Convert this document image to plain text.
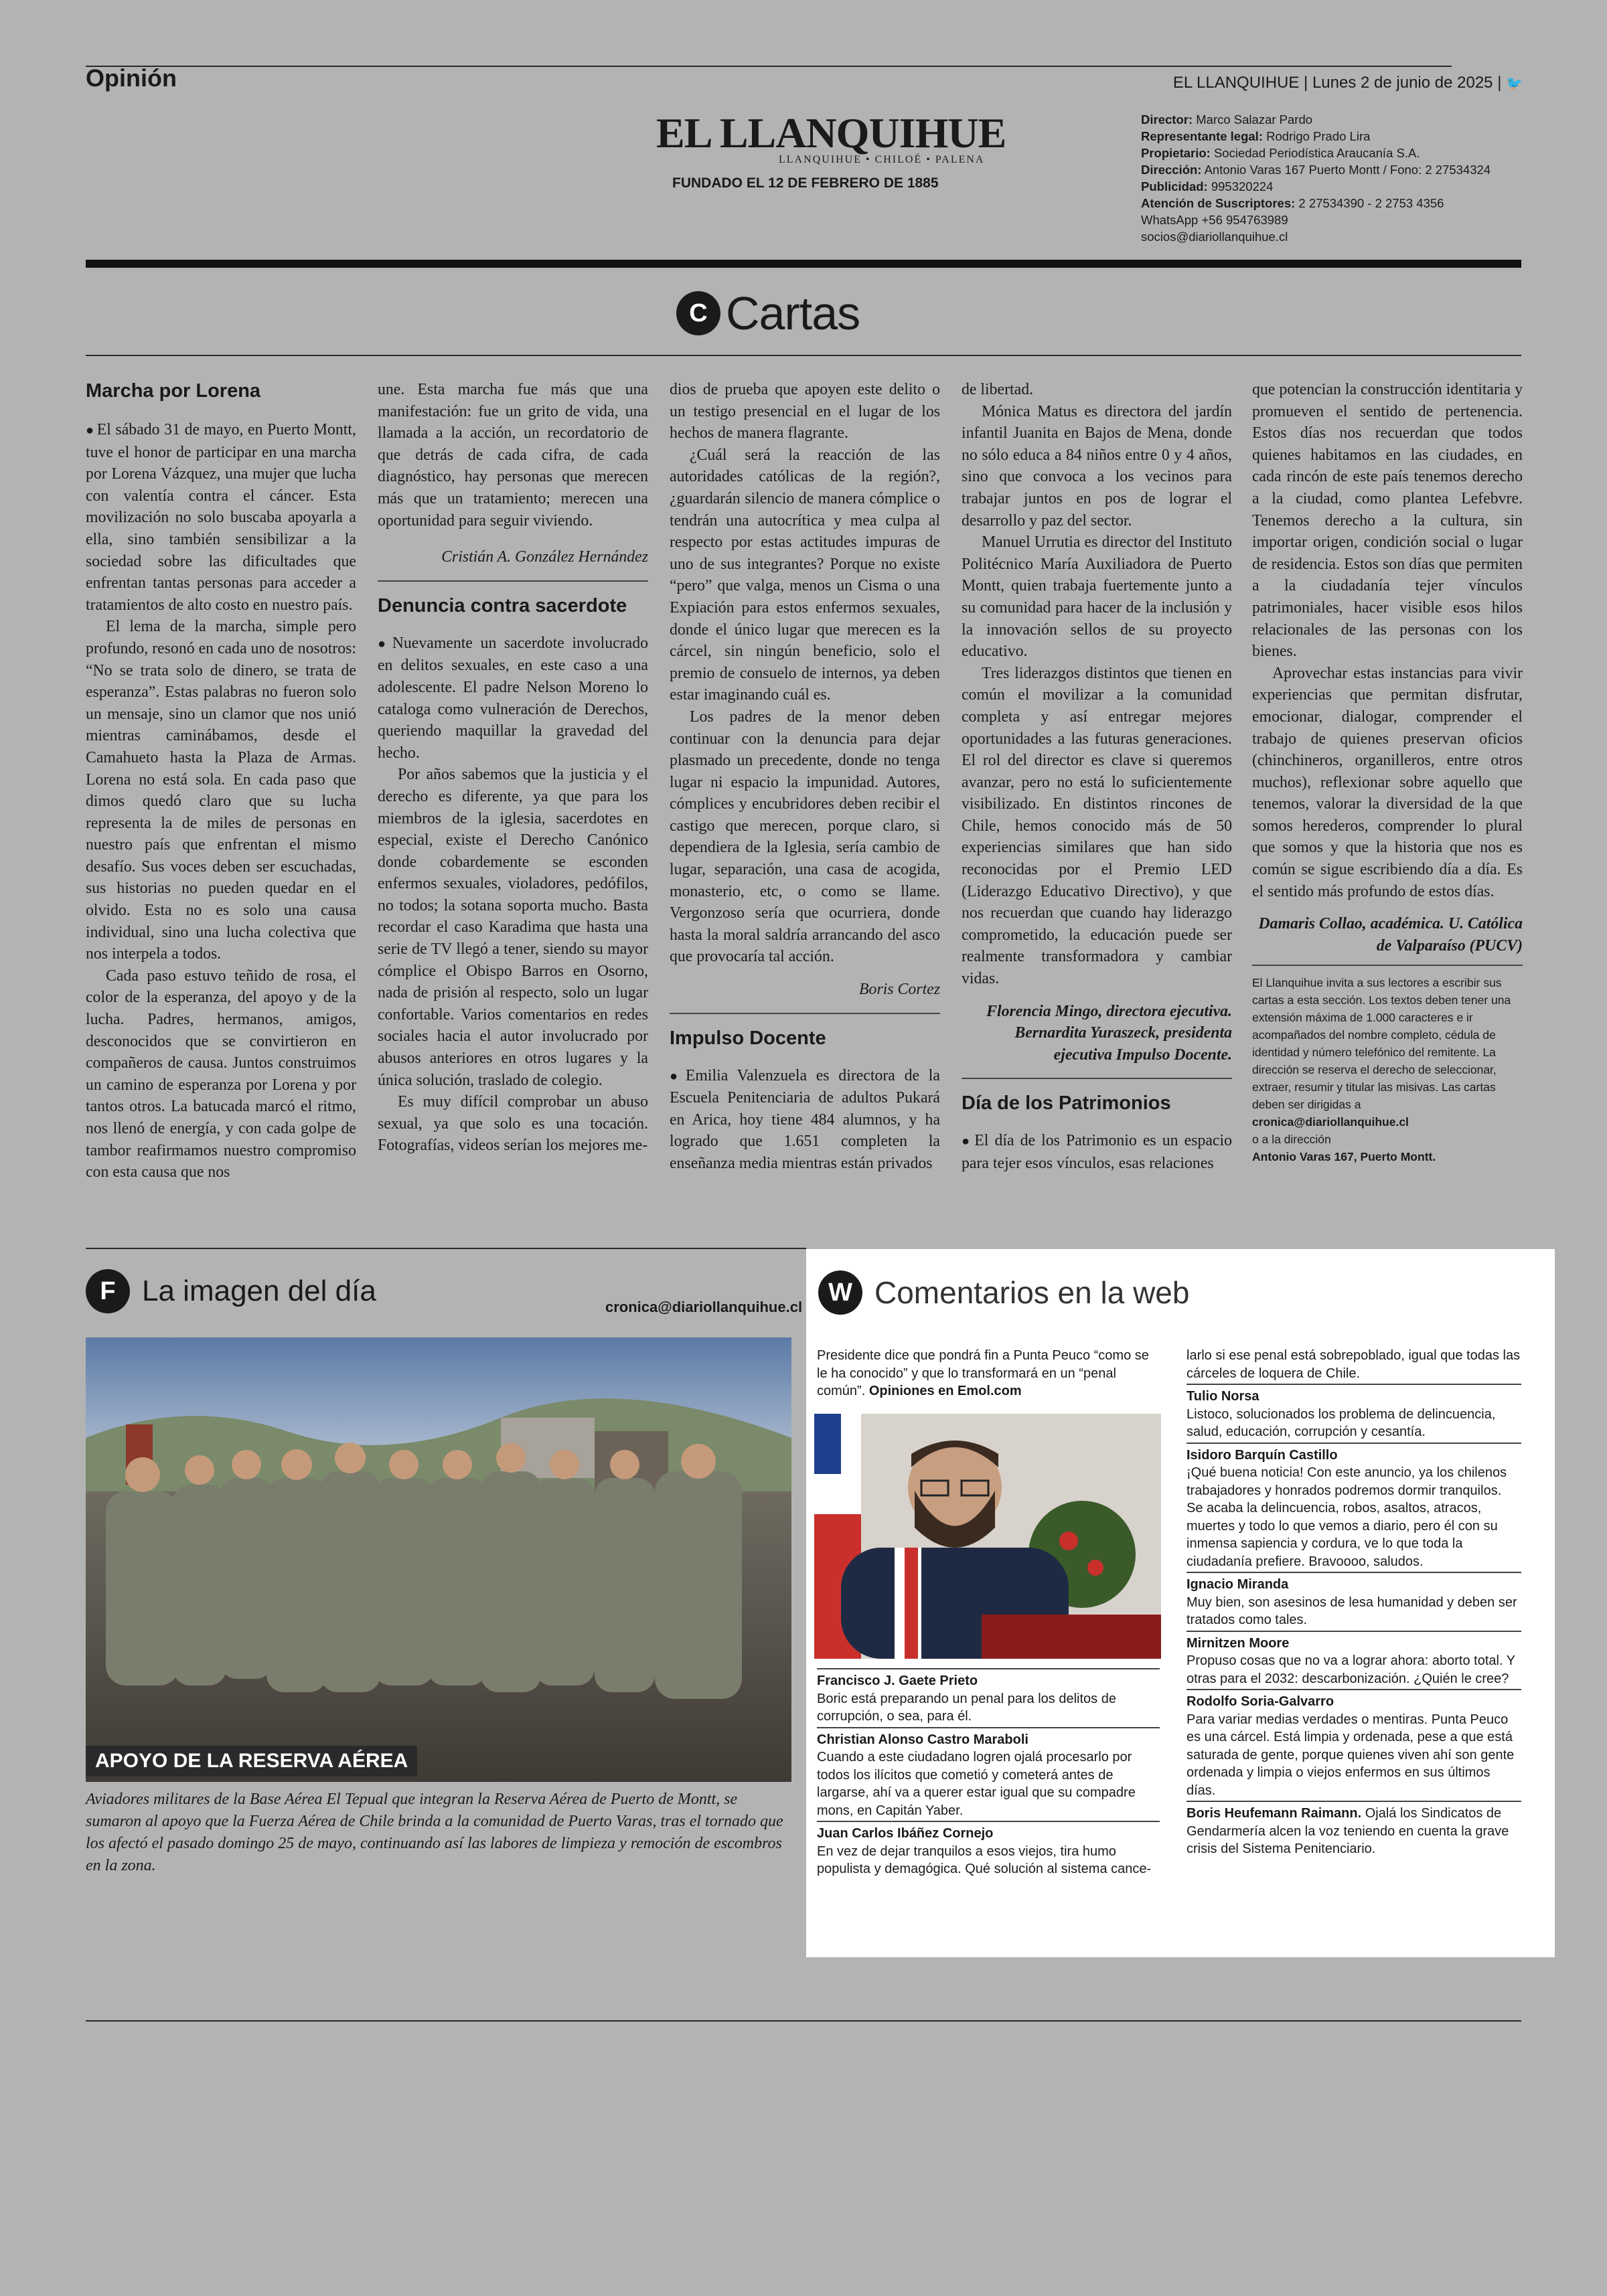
Opinión	EL LLANQUIHUE | Lunes 2 de junio de 2025 | 🐦
EL LLANQUIHUE
LLANQUIHUE • CHILOÉ • PALENA
FUNDADO EL 12 DE FEBRERO DE 1885
Director: Marco Salazar Pardo
Representante legal: Rodrigo Prado Lira
Propietario: Sociedad Periodística Araucanía S.A.
Dirección: Antonio Varas 167 Puerto Montt / Fono: 2 27534324
Publicidad: 995320224
Atención de Suscriptores: 2 27534390 - 2 2753 4356
WhatsApp +56 954763989
socios@diariollanquihue.cl
C Cartas
Marcha por Lorena

● El sábado 31 de mayo, en Puerto Montt, tuve el honor de participar en una marcha por Lorena Vázquez, una mujer que lucha con valentía contra el cáncer. Esta movilización no solo buscaba apoyarla a ella, sino también sensibilizar a la sociedad sobre las dificultades que enfrentan tantas personas para acceder a tratamientos de alto costo en nuestro país.

El lema de la marcha, simple pero profundo, resonó en cada uno de nosotros: “No se trata solo de dinero, se trata de esperanza”. Estas palabras no fueron solo un mensaje, sino un clamor que nos unió mientras caminábamos, desde el Camahueto hasta la Plaza de Armas. Lorena no está sola. En cada paso que dimos quedó claro que su lucha representa la de miles de personas en nuestro país que enfrentan el mismo desafío. Sus voces deben ser escuchadas, sus historias no pueden quedar en el olvido. Esta no es solo una causa individual, sino una lucha colectiva que nos interpela a todos.

Cada paso estuvo teñido de rosa, el color de la esperanza, del apoyo y de la lucha. Padres, hermanos, amigos, desconocidos que se convirtieron en compañeros de causa. Juntos construimos un camino de esperanza por Lorena y por tantos otros. La batucada marcó el ritmo, nos llenó de energía, y con cada golpe de tambor reafirmamos nuestro compromiso con esta causa que nos

une. Esta marcha fue más que una manifestación: fue un grito de vida, una llamada a la acción, un recordatorio de que detrás de cada cifra, de cada diagnóstico, hay personas que merecen más que un tratamiento; merecen una oportunidad para seguir viviendo.

Cristián A. González Hernández

Denuncia contra sacerdote

● Nuevamente un sacerdote involucrado en delitos sexuales, en este caso a una adolescente. El padre Nelson Moreno lo cataloga como vulneración de Derechos, queriendo maquillar la gravedad del hecho.

Por años sabemos que la justicia y el derecho es diferente, ya que para los miembros de la iglesia, sacerdotes en especial, existe el Derecho Canónico donde cobardemente se esconden enfermos sexuales, violadores, pedófilos, no todos; la sotana soporta mucho. Basta recordar el caso Karadima que hasta una serie de TV llegó a tener, siendo su mayor cómplice el Obispo Barros en Osorno, nada de prisión al respecto, solo un lugar confortable. Varios comentarios en redes sociales hacia el autor involucrado por abusos anteriores en otros lugares y la única solución, traslado de colegio.

Es muy difícil comprobar un abuso sexual, ya que solo es una tocación. Fotografías, videos serían los mejores me-

dios de prueba que apoyen este delito o un testigo presencial en el lugar de los hechos de manera flagrante.

¿Cuál será la reacción de las autoridades católicas de la región?, ¿guardarán silencio de manera cómplice o tendrán una autocrítica y mea culpa al respecto por estas actitudes impuras de uno de sus integrantes? Porque no existe “pero” que valga, menos un Cisma o una Expiación para estos enfermos sexuales, donde el único lugar que merecen es la cárcel, sin ningún beneficio, solo el premio de consuelo de internos, ya deben estar imaginando cuál es.

Los padres de la menor deben continuar con la denuncia para dejar plasmado un precedente, donde no tenga lugar ni espacio la impunidad. Autores, cómplices y encubridores deben recibir el castigo que merecen, porque claro, si dependiera de la Iglesia, sería cambio de lugar, separación, una casa de acogida, monasterio, etc, o como se llame. Vergonzoso sería que ocurriera, donde hasta la moral saldría arrancando del asco que provocaría tal acción.

Boris Cortez

Impulso Docente

● Emilia Valenzuela es directora de la Escuela Penitenciaria de adultos Pukará en Arica, hoy tiene 484 alumnos, y ha logrado que 1.651 completen la enseñanza media mientras están privados

de libertad.

Mónica Matus es directora del jardín infantil Juanita en Bajos de Mena, donde no sólo educa a 84 niños entre 0 y 4 años, sino que convoca a los vecinos para trabajar juntos en pos de lograr el desarrollo y paz del sector.

Manuel Urrutia es director del Instituto Politécnico María Auxiliadora de Puerto Montt, quien trabaja fuertemente junto a su comunidad para hacer de la inclusión y la innovación sellos de su proyecto educativo.

Tres liderazgos distintos que tienen en común el movilizar a la comunidad completa y así entregar mejores oportunidades a las futuras generaciones. El rol del director es clave si queremos avanzar, pero no está lo suficientemente visibilizado. En distintos rincones de Chile, hemos conocido más de 50 experiencias similares que han sido reconocidas por el Premio LED (Liderazgo Educativo Directivo), y que nos recuerdan que cuando hay liderazgo comprometido, la educación puede ser realmente transformadora y cambiar vidas.

Florencia Mingo, directora ejecutiva. Bernardita Yuraszeck, presidenta ejecutiva Impulso Docente.

Día de los Patrimonios

● El día de los Patrimonio es un espacio para tejer esos vínculos, esas relaciones

que potencian la construcción identitaria y promueven el sentido de pertenencia. Estos días nos recuerdan que todos quienes habitamos en las ciudades, en cada rincón de este país tenemos derecho a la ciudad, como plantea Lefebvre. Tenemos derecho a la cultura, sin importar origen, condición social o lugar de residencia. Estos son días que permiten a la ciudadanía tejer vínculos patrimoniales, hacer visible esos hilos relacionales de las personas con los bienes.

Aprovechar estas instancias para vivir experiencias que permitan disfrutar, emocionar, dialogar, comprender el trabajo de quienes preservan oficios (chinchineros, organilleros, entre otros muchos), reflexionar sobre aquello que tenemos, valorar la diversidad de la que somos herederos, comprender lo plural que somos y que la historia que nos es común se sigue escribiendo día a día. Es el sentido más profundo de estos días.

Damaris Collao, académica. U. Católica de Valparaíso (PUCV)

El Llanquihue invita a sus lectores a escribir sus cartas a esta sección. Los textos deben tener una extensión máxima de 1.000 caracteres e ir acompañados del nombre completo, cédula de identidad y número telefónico del remitente. La dirección se reserva el derecho de seleccionar, extraer, resumir y titular las misivas. Las cartas deben ser dirigidas a
cronica@diariollanquihue.cl
o a la dirección
Antonio Varas 167, Puerto Montt.
F La imagen del día	cronica@diariollanquihue.cl
APOYO DE LA RESERVA AÉREA
Aviadores militares de la Base Aérea El Tepual que integran la Reserva Aérea de Puerto de Montt, se sumaron al apoyo que la Fuerza Aérea de Chile brinda a la comunidad de Puerto Varas, tras el tornado que los afectó el pasado domingo 25 de mayo, continuando así las labores de limpieza y remoción de escombros en la zona.
W Comentarios en la web
Presidente dice que pondrá fin a Punta Peuco “como se le ha conocido” y que lo transformará en un “penal común”. Opiniones en Emol.com
Francisco J. Gaete Prieto
Boric está preparando un penal para los delitos de corrupción, o sea, para él.
Christian Alonso Castro Maraboli
Cuando a este ciudadano logren ojalá procesarlo por todos los ilícitos que cometió y cometerá antes de largarse, ahí va a querer estar igual que su compadre mons, en Capitán Yaber.
Juan Carlos Ibáñez Cornejo
En vez de dejar tranquilos a esos viejos, tira humo populista y demagógica. Qué solución al sistema cance-
larlo si ese penal está sobrepoblado, igual que todas las cárceles de loquera de Chile.
Tulio Norsa
Listoco, solucionados los problema de delincuencia, salud, educación, corrupción y cesantía.
Isidoro Barquín Castillo
¡Qué buena noticia! Con este anuncio, ya los chilenos trabajadores y honrados podremos dormir tranquilos. Se acaba la delincuencia, robos, asaltos, atracos, muertes y todo lo que vemos a diario, pero él con su inmensa sapiencia y cordura, ve lo que toda la ciudadanía prefiere. Bravoooo, saludos.
Ignacio Miranda
Muy bien, son asesinos de lesa humanidad y deben ser tratados como tales.
Mirnitzen Moore
Propuso cosas que no va a lograr ahora: aborto total. Y otras para el 2032: descarbonización. ¿Quién le cree?
Rodolfo Soria-Galvarro
Para variar medias verdades o mentiras. Punta Peuco es una cárcel. Está limpia y ordenada, pese a que está saturada de gente, porque quienes viven ahí son gente ordenada y limpia o viejos enfermos en sus últimos días.
Boris Heufemann Raimann. Ojalá los Sindicatos de Gendarmería alcen la voz teniendo en cuenta la grave crisis del Sistema Penitenciario.
